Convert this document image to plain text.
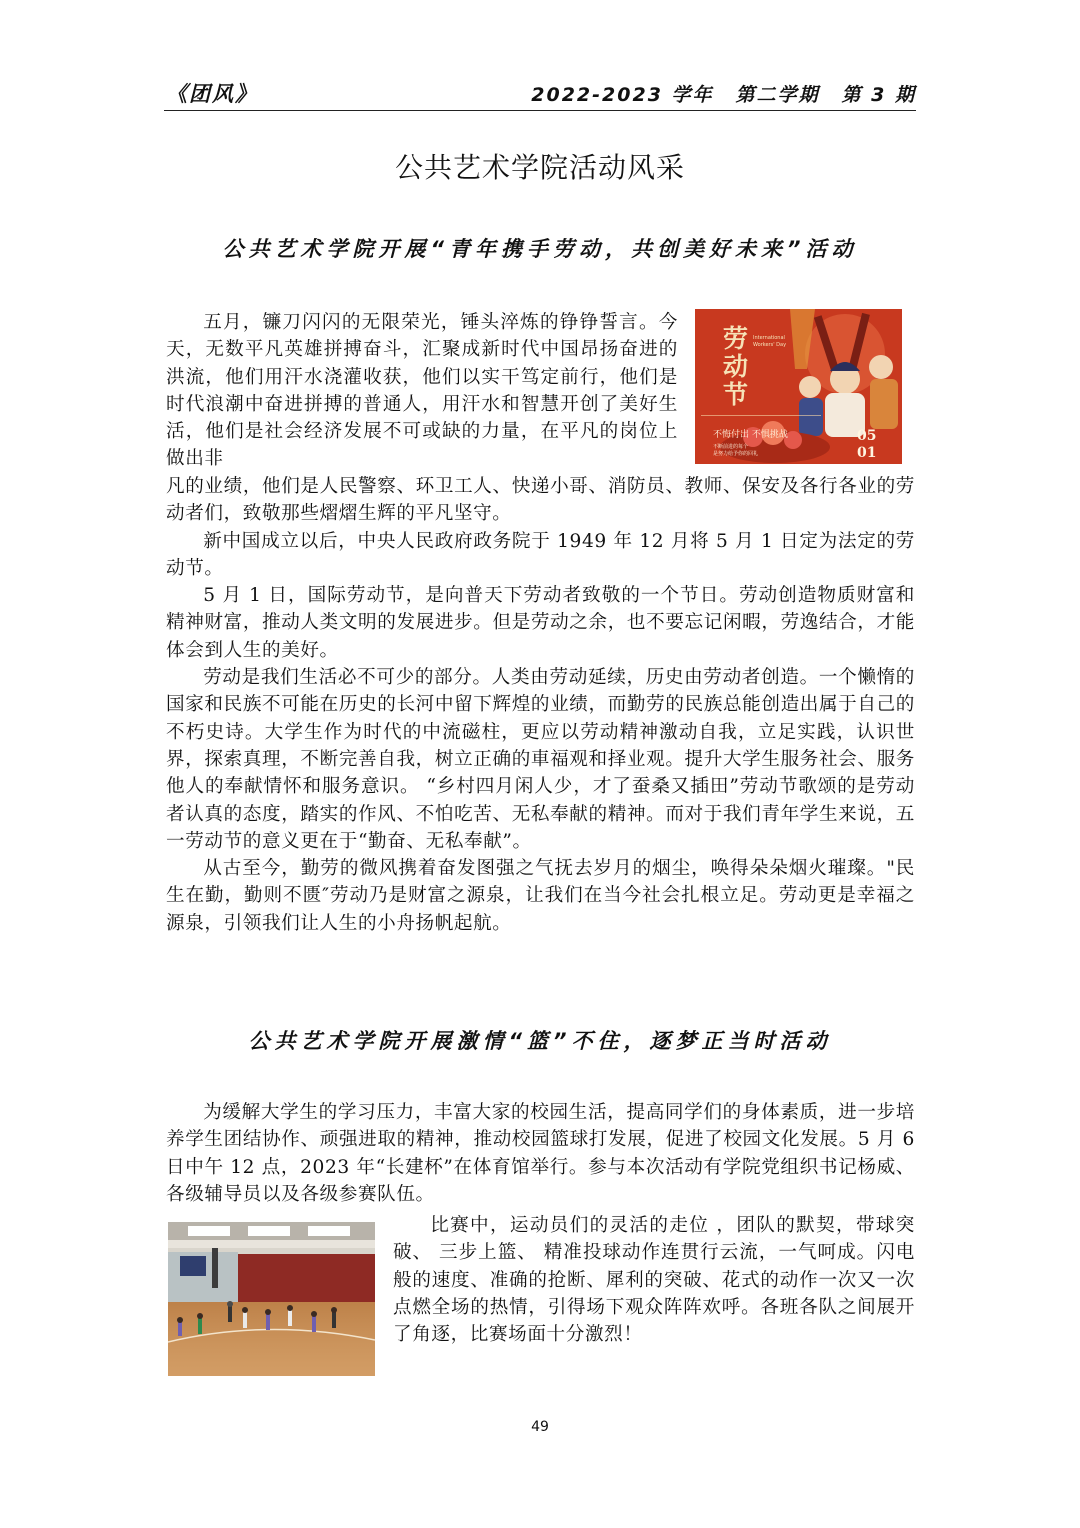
《团风》	2022-2023 学年 第二学期 第 3 期
公共艺术学院活动风采
公共艺术学院开展“青年携手劳动，共创美好未来”活动

五月，镰刀闪闪的无限荣光，锤头淬炼的铮铮誓言。今天，无数平凡英雄拼搏奋斗，汇聚成新时代中国昂扬奋进的洪流，他们用汗水浇灌收获，他们以实干笃定前行，他们是时代浪潮中奋进拼搏的普通人，用汗水和智慧开创了美好生活，他们是社会经济发展不可或缺的力量，在平凡的岗位上做出非

劳
动
节
International
Workers' Day
不悔付出 不惧挑战
不断前进的每个
是努力给予你的回礼
05
01

凡的业绩，他们是人民警察、环卫工人、快递小哥、消防员、教师、保安及各行各业的劳动者们，致敬那些熠熠生辉的平凡坚守。

新中国成立以后，中央人民政府政务院于 1949 年 12 月将 5 月 1 日定为法定的劳动节。

5 月 1 日，国际劳动节，是向普天下劳动者致敬的一个节日。劳动创造物质财富和精神财富，推动人类文明的发展进步。但是劳动之余，也不要忘记闲暇，劳逸结合，才能体会到人生的美好。

劳动是我们生活必不可少的部分。人类由劳动延续，历史由劳动者创造。一个懒惰的国家和民族不可能在历史的长河中留下辉煌的业绩，而勤劳的民族总能创造出属于自己的不朽史诗。大学生作为时代的中流磁柱，更应以劳动精神激动自我，立足实践，认识世界，探索真理，不断完善自我，树立正确的車福观和择业观。提升大学生服务社会、服务他人的奉献情怀和服务意识。 “乡村四月闲人少，才了蚕桑又插田”劳动节歌颂的是劳动者认真的态度，踏实的作风、不怕吃苦、无私奉献的精神。而对于我们青年学生来说，五一劳动节的意义更在于“勤奋、无私奉献”。

从古至今，勤劳的微风携着奋发图强之气抚去岁月的烟尘，唤得朵朵烟火璀璨。"民生在勤，勤则不匮″劳动乃是财富之源泉，让我们在当今社会扎根立足。劳动更是幸福之源泉，引领我们让人生的小舟扬帆起航。

公共艺术学院开展激情“篮”不住，逐梦正当时活动

为缓解大学生的学习压力，丰富大家的校园生活，提高同学们的身体素质，进一步培养学生团结协作、顽强进取的精神，推动校园篮球打发展，促进了校园文化发展。5 月 6 日中午 12 点，2023 年“长建杯”在体育馆举行。参与本次活动有学院党组织书记杨威、各级辅导员以及各级参赛队伍。

比赛中，运动员们的灵活的走位 ，团队的默契，带球突破、 三步上篮、 精准投球动作连贯行云流，一气呵成。闪电般的速度、准确的抢断、犀利的突破、花式的动作一次又一次点燃全场的热情，引得场下观众阵阵欢呼。各班各队之间展开了角逐，比赛场面十分激烈！

49
